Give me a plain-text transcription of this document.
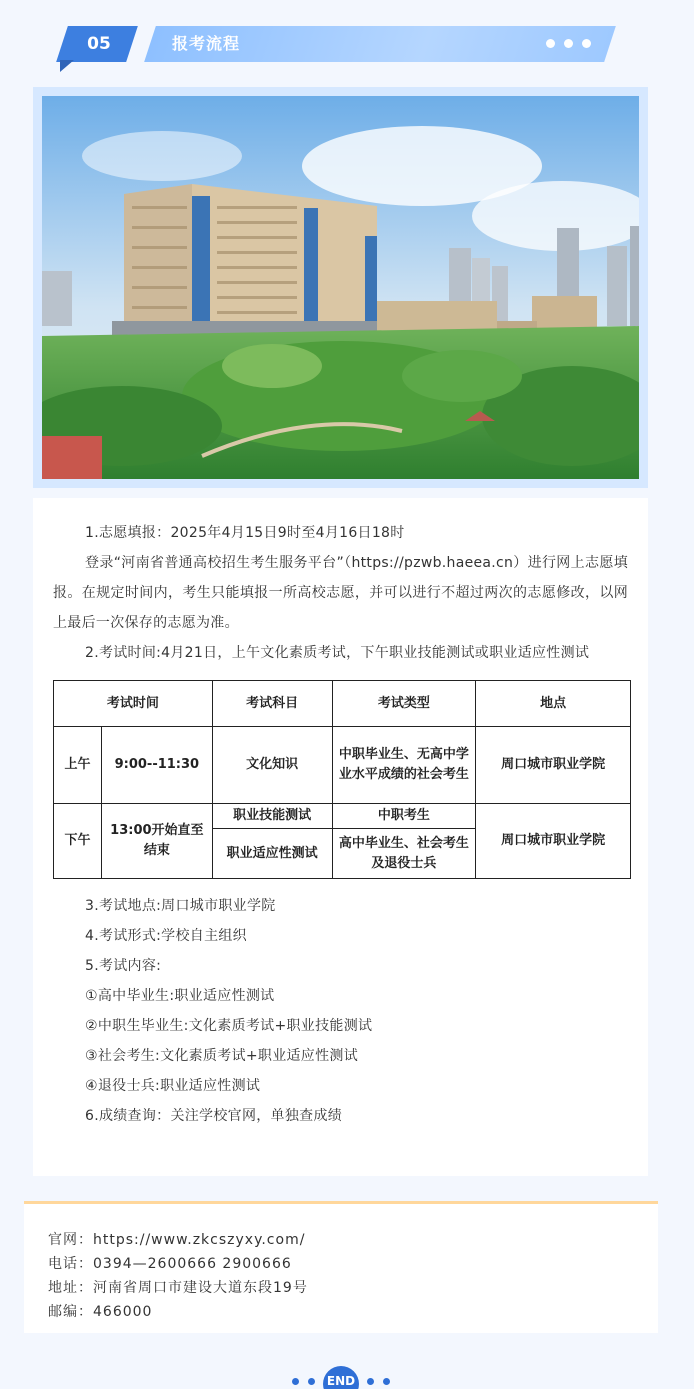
05	报考流程

1.志愿填报：2025年4月15日9时至4月16日18时

登录“河南省普通高校招生考生服务平台”（https://pzwb.haeea.cn）进行网上志愿填报。在规定时间内，考生只能填报一所高校志愿，并可以进行不超过两次的志愿修改，以网上最后一次保存的志愿为准。

2.考试时间:4月21日，上午文化素质考试，下午职业技能测试或职业适应性测试

考试时间		考试科目	考试类型	地点
上午	9:00--11:30	文化知识	中职毕业生、无高中学业水平成绩的社会考生	周口城市职业学院
下午	13:00开始直至结束	职业技能测试	中职考生	周口城市职业学院
		职业适应性测试	高中毕业生、社会考生及退役士兵	

3.考试地点:周口城市职业学院

4.考试形式:学校自主组织

5.考试内容:

①高中毕业生:职业适应性测试

②中职生毕业生:文化素质考试+职业技能测试

③社会考生:文化素质考试+职业适应性测试

④退役士兵:职业适应性测试

6.成绩查询：关注学校官网，单独查成绩

官网：https://www.zkcszyxy.com/
电话：0394—2600666 2900666
地址：河南省周口市建设大道东段19号
邮编：466000
END
